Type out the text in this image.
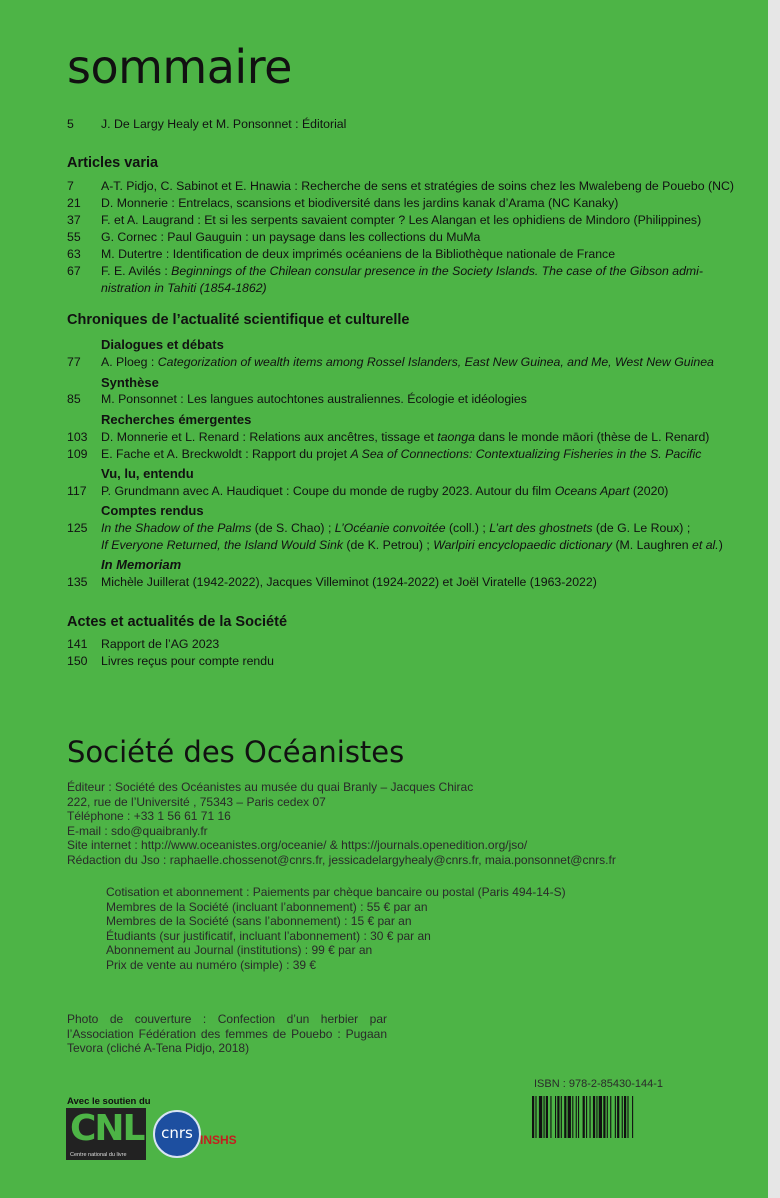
sommaire
5	J. De Largy Healy et M. Ponsonnet : Éditorial
Articles varia
7	A-T. Pidjo, C. Sabinot et E. Hnawia : Recherche de sens et stratégies de soins chez les Mwalebeng de Pouebo (NC)
21	D. Monnerie : Entrelacs, scansions et biodiversité dans les jardins kanak d’Arama (NC Kanaky)
37	F. et A. Laugrand : Et si les serpents savaient compter ? Les Alangan et les ophidiens de Mindoro (Philippines)
55	G. Cornec : Paul Gauguin : un paysage dans les collections du MuMa
63	M. Dutertre : Identification de deux imprimés océaniens de la Bibliothèque nationale de France
67	F. E. Avilés : Beginnings of the Chilean consular presence in the Society Islands. The case of the Gibson admi-
nistration in Tahiti (1854-1862)
Chroniques de l’actualité scientifique et culturelle
Dialogues et débats
77	A. Ploeg : Categorization of wealth items among Rossel Islanders, East New Guinea, and Me, West New Guinea
Synthèse
85	M. Ponsonnet : Les langues autochtones australiennes. Écologie et idéologies
Recherches émergentes
103	D. Monnerie et L. Renard : Relations aux ancêtres, tissage et taonga dans le monde māori (thèse de L. Renard)
109	E. Fache et A. Breckwoldt : Rapport du projet A Sea of Connections: Contextualizing Fisheries in the S. Pacific
Vu, lu, entendu
117	P. Grundmann avec A. Haudiquet : Coupe du monde de rugby 2023. Autour du film Oceans Apart (2020)
Comptes rendus
125	In the Shadow of the Palms (de S. Chao) ; L’Océanie convoitée (coll.) ; L’art des ghostnets (de G. Le Roux) ;
If Everyone Returned, the Island Would Sink (de K. Petrou) ; Warlpiri encyclopaedic dictionary (M. Laughren et al.)
In Memoriam
135	Michèle Juillerat (1942-2022), Jacques Villeminot (1924-2022) et Joël Viratelle (1963-2022)
Actes et actualités de la Société
141	Rapport de l’AG 2023
150	Livres reçus pour compte rendu
Société des Océanistes
Éditeur : Société des Océanistes au musée du quai Branly – Jacques Chirac
222, rue de l’Université , 75343 – Paris cedex 07
Téléphone : +33 1 56 61 71 16
E-mail : sdo@quaibranly.fr
Site internet : http://www.oceanistes.org/oceanie/ & https://journals.openedition.org/jso/
Rédaction du Jso : raphaelle.chossenot@cnrs.fr, jessicadelargyhealy@cnrs.fr, maia.ponsonnet@cnrs.fr
Cotisation et abonnement : Paiements par chèque bancaire ou postal (Paris 494-14-S)
Membres de la Société (incluant l’abonnement) : 55 € par an
Membres de la Société (sans l’abonnement) : 15 € par an
Étudiants (sur justificatif, incluant l’abonnement) : 30 € par an
Abonnement au Journal (institutions) : 99 € par an
Prix de vente au numéro (simple) : 39 €
Photo de couverture : Confection d’un herbier par l’Association Fédération des femmes de Pouebo : Pugaan Tevora (cliché A-Tena Pidjo, 2018)
ISBN : 978-2-85430-144-1
Avec le soutien du
CNL
Centre national du livre
cnrs INSHS
